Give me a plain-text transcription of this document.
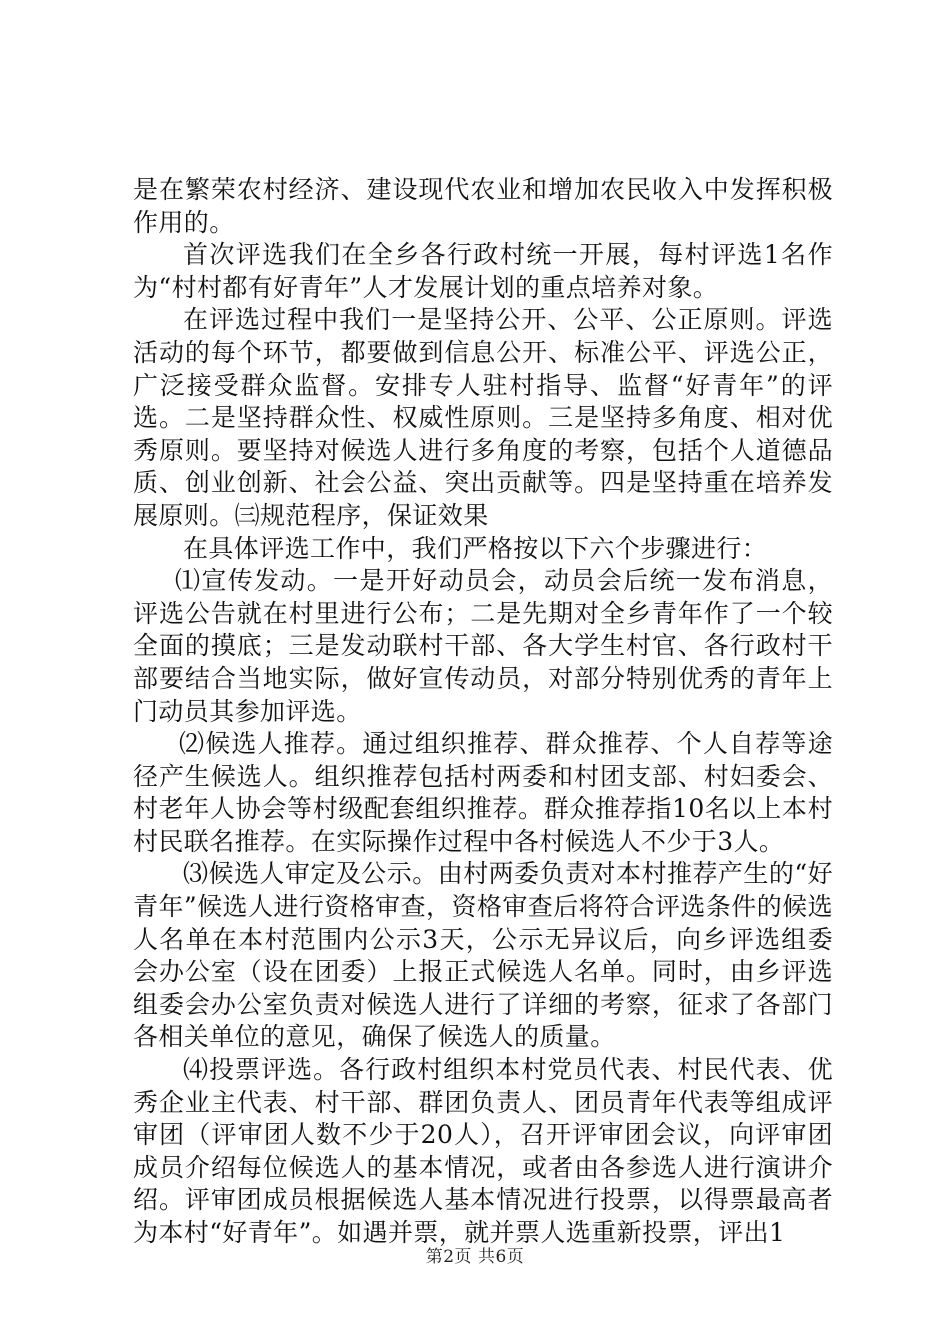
是在繁荣农村经济、建设现代农业和增加农民收入中发挥积极作用的。

首次评选我们在全乡各行政村统一开展，每村评选1名作为“村村都有好青年”人才发展计划的重点培养对象。

在评选过程中我们一是坚持公开、公平、公正原则。评选活动的每个环节，都要做到信息公开、标准公平、评选公正，广泛接受群众监督。安排专人驻村指导、监督“好青年”的评选。二是坚持群众性、权威性原则。三是坚持多角度、相对优秀原则。要坚持对候选人进行多角度的考察，包括个人道德品质、创业创新、社会公益、突出贡献等。四是坚持重在培养发展原则。㈢规范程序，保证效果

在具体评选工作中，我们严格按以下六个步骤进行：

⑴宣传发动。一是开好动员会，动员会后统一发布消息，评选公告就在村里进行公布；二是先期对全乡青年作了一个较全面的摸底；三是发动联村干部、各大学生村官、各行政村干部要结合当地实际，做好宣传动员，对部分特别优秀的青年上门动员其参加评选。

⑵候选人推荐。通过组织推荐、群众推荐、个人自荐等途径产生候选人。组织推荐包括村两委和村团支部、村妇委会、村老年人协会等村级配套组织推荐。群众推荐指10名以上本村村民联名推荐。在实际操作过程中各村候选人不少于3人。

⑶候选人审定及公示。由村两委负责对本村推荐产生的“好青年”候选人进行资格审查，资格审查后将符合评选条件的候选人名单在本村范围内公示3天，公示无异议后，向乡评选组委会办公室（设在团委）上报正式候选人名单。同时，由乡评选组委会办公室负责对候选人进行了详细的考察，征求了各部门各相关单位的意见，确保了候选人的质量。

⑷投票评选。各行政村组织本村党员代表、村民代表、优秀企业主代表、村干部、群团负责人、团员青年代表等组成评审团（评审团人数不少于20人），召开评审团会议，向评审团成员介绍每位候选人的基本情况，或者由各参选人进行演讲介绍。评审团成员根据候选人基本情况进行投票，以得票最高者为本村“好青年”。如遇并票，就并票人选重新投票，评出1

第2页 共6页
